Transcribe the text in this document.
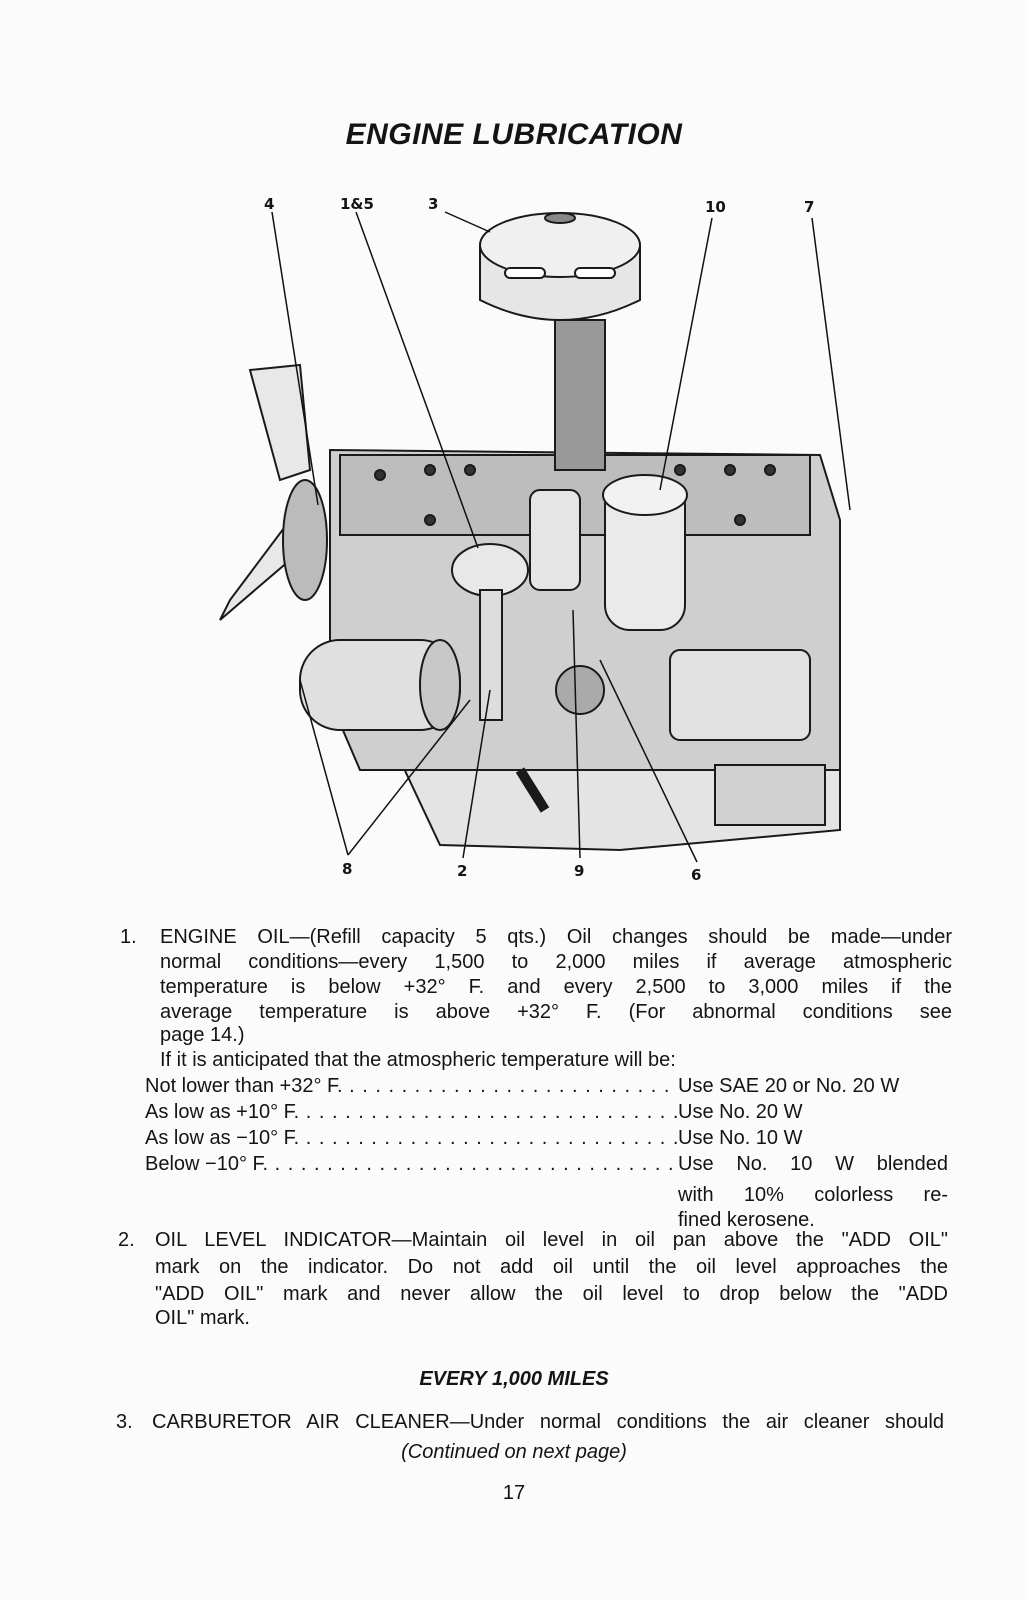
ENGINE LUBRICATION
4	1&5	3	10	7
8	2	9	6
1. ENGINE OIL—(Refill capacity 5 qts.) Oil changes should be made—under
normal conditions—every 1,500 to 2,000 miles if average atmospheric
temperature is below +32° F. and every 2,500 to 3,000 miles if the
average temperature is above +32° F. (For abnormal conditions see
page 14.)
If it is anticipated that the atmospheric temperature will be:
Not lower than +32° F. . . .	Use SAE 20 or No. 20 W
As low as +10° F. . . .	Use No. 20 W
As low as −10° F. . . .	Use No. 10 W
Below −10° F. . . .	Use No. 10 W blended
with 10% colorless re-
fined kerosene.
2. OIL LEVEL INDICATOR—Maintain oil level in oil pan above the "ADD OIL"
mark on the indicator. Do not add oil until the oil level approaches the
"ADD OIL" mark and never allow the oil level to drop below the "ADD
OIL" mark.
EVERY 1,000 MILES
3. CARBURETOR AIR CLEANER—Under normal conditions the air cleaner should
(Continued on next page)
17
